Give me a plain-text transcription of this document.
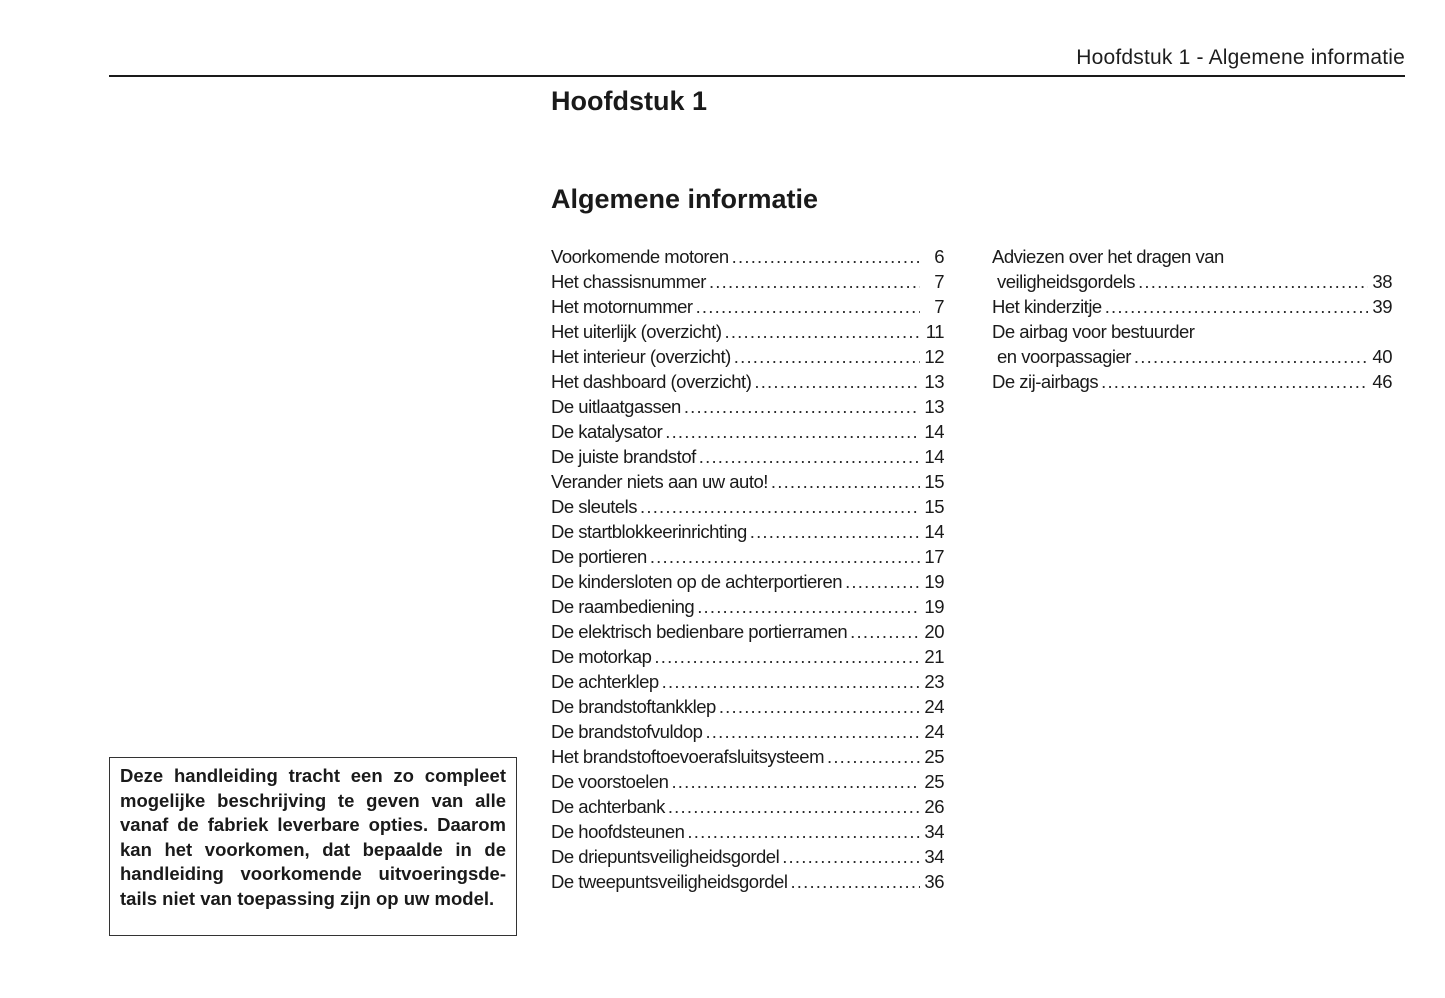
Hoofdstuk 1 - Algemene informatie
Hoofdstuk 1
Algemene informatie
Voorkomende motoren .....	6
Het chassisnummer .....	7
Het motornummer .....	7
Het uiterlijk (overzicht) .....	11
Het interieur (overzicht) .....	12
Het dashboard (overzicht) .....	13
De uitlaatgassen .....	13
De katalysator .....	14
De juiste brandstof .....	14
Verander niets aan uw auto! .....	15
De sleutels .....	15
De startblokkeerinrichting .....	14
De portieren .....	17
De kindersloten op de achterportieren .....	19
De raambediening .....	19
De elektrisch bedienbare portierramen .....	20
De motorkap .....	21
De achterklep .....	23
De brandstoftankklep .....	24
De brandstofvuldop .....	24
Het brandstoftoevoerafsluitsysteem .....	25
De voorstoelen .....	25
De achterbank .....	26
De hoofdsteunen .....	34
De driepuntsveiligheidsgordel .....	34
De tweepuntsveiligheidsgordel .....	36
Adviezen over het dragen van
veiligheidsgordels .....	38
Het kinderzitje .....	39
De airbag voor bestuurder
en voorpassagier .....	40
De zij-airbags .....	46
Deze handleiding tracht een zo compleet mogelijke beschrijving te geven van alle vanaf de fabriek leverbare opties. Daarom kan het voorkomen, dat bepaalde in de handleiding voorkomende uitvoeringsdetails niet van toepassing zijn op uw model.
